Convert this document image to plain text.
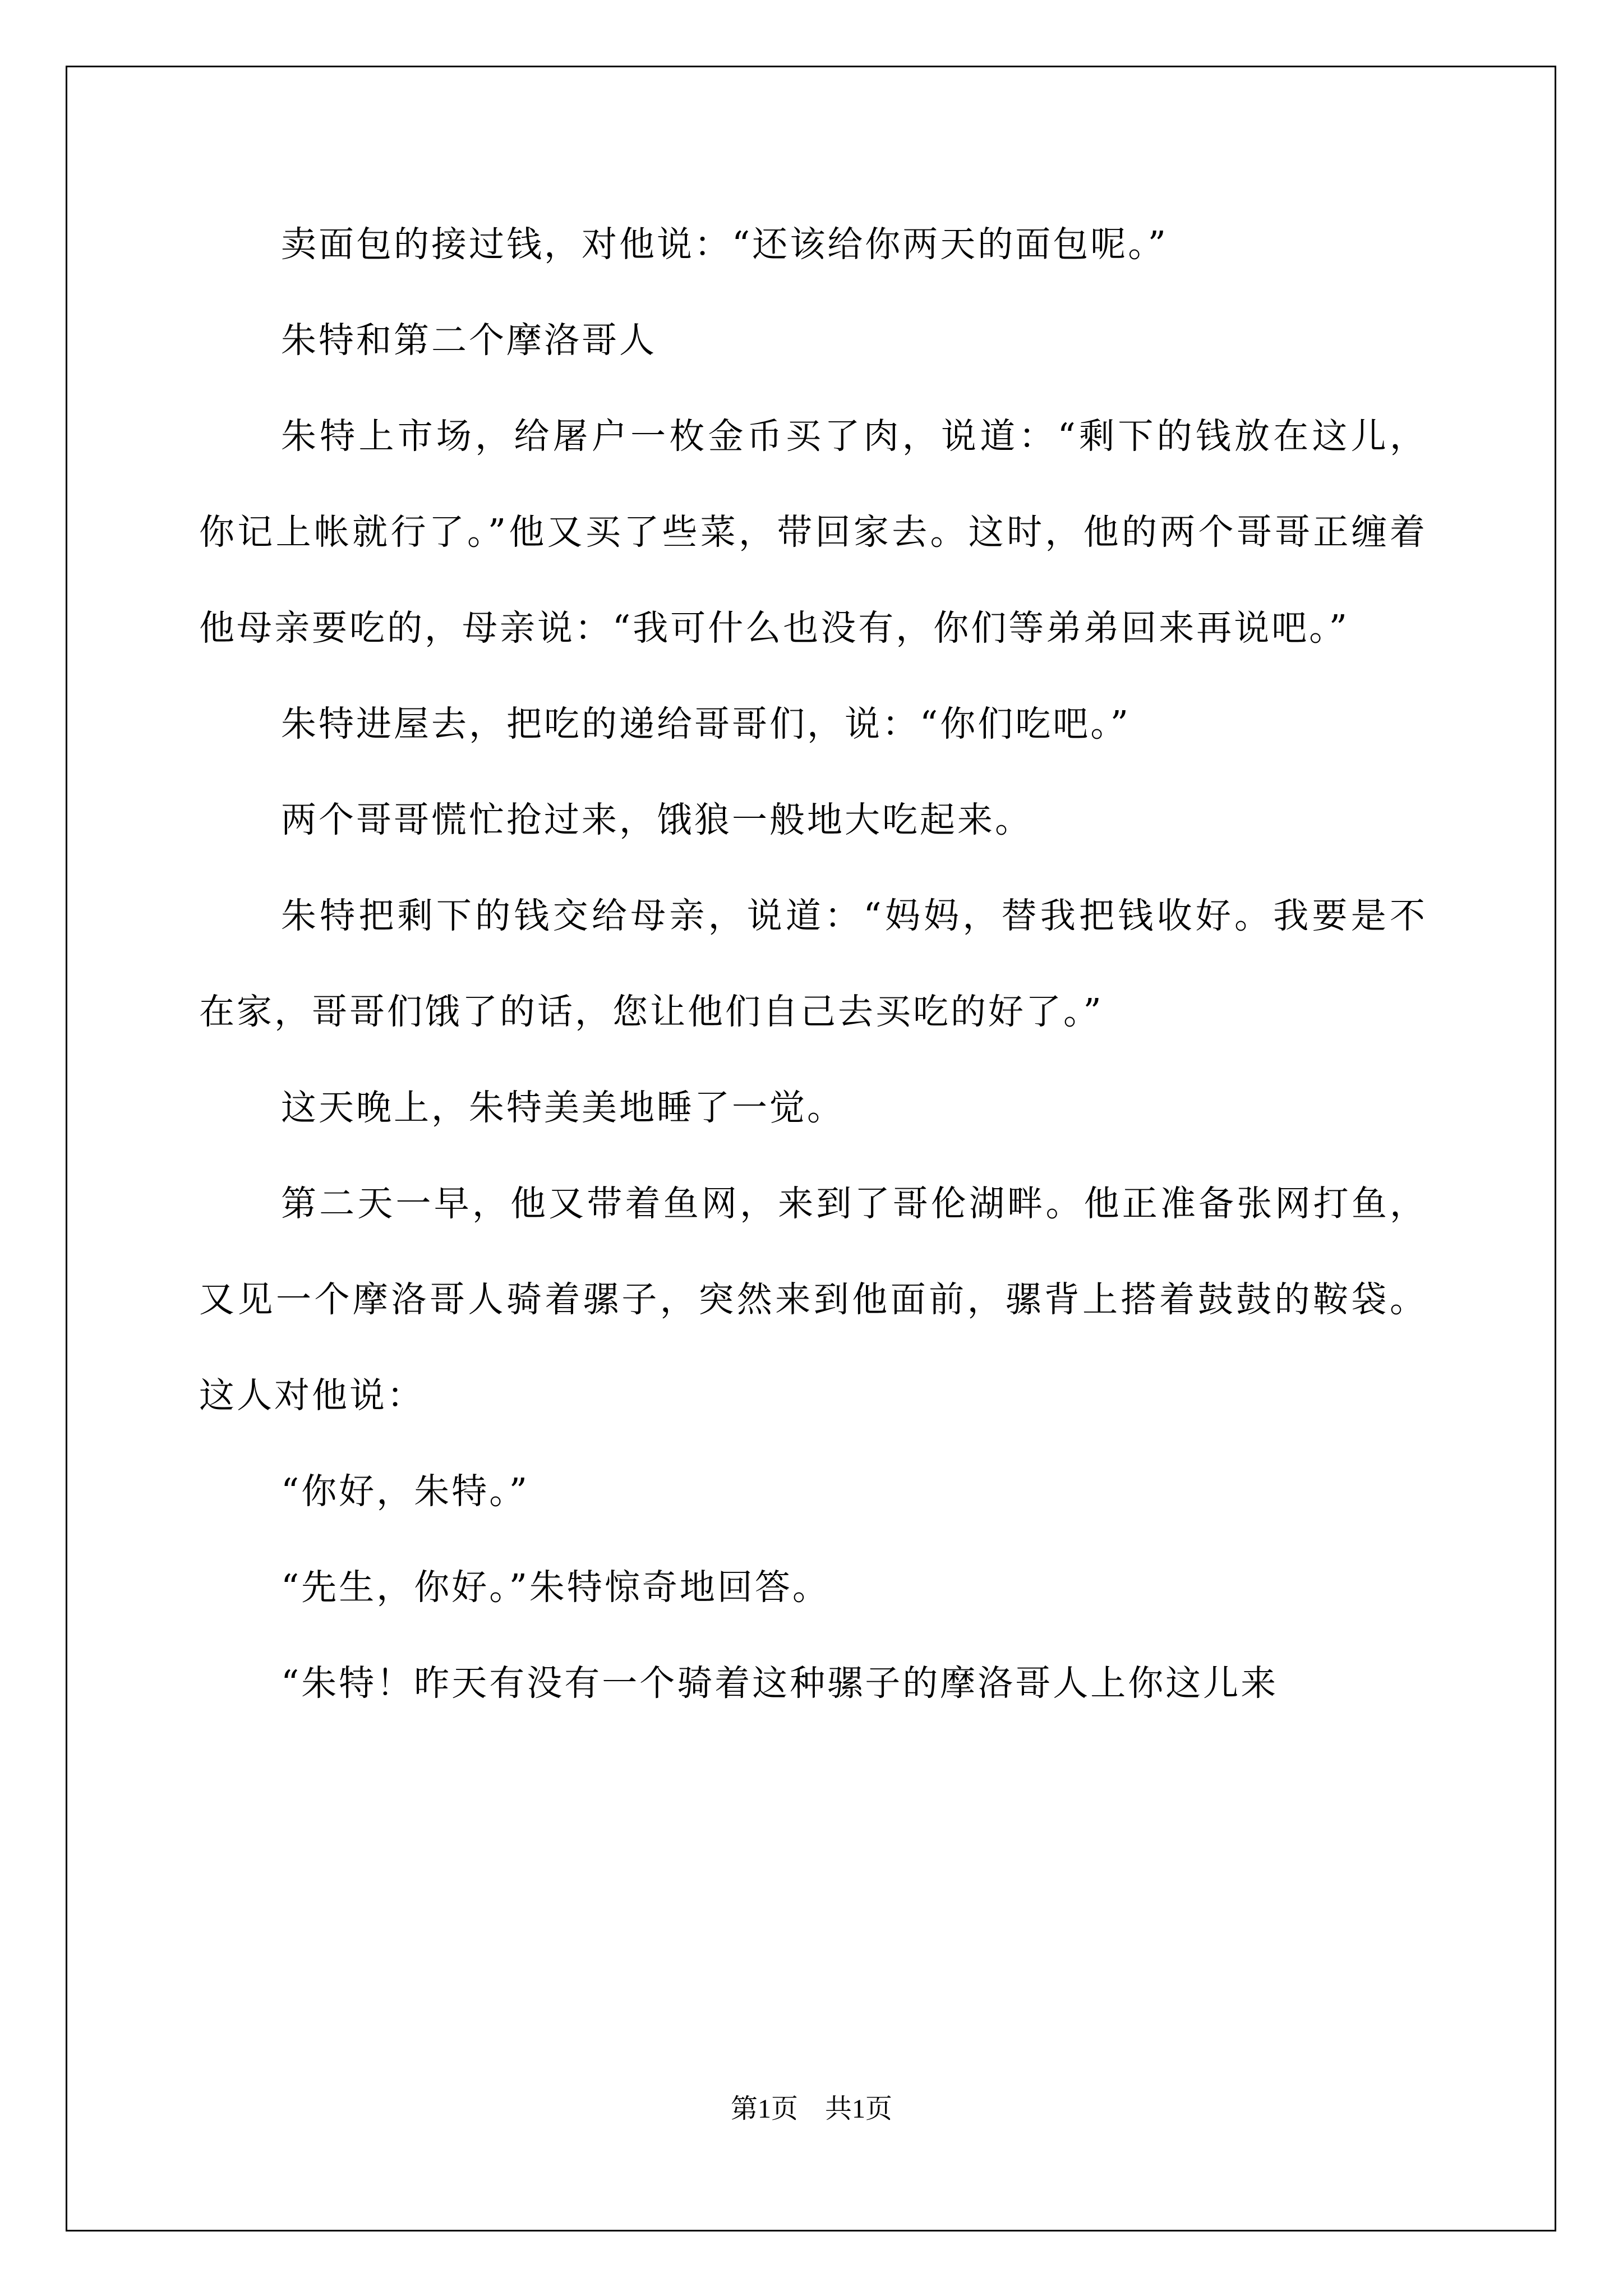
卖面包的接过钱，对他说：“还该给你两天的面包呢。”

朱特和第二个摩洛哥人

朱特上市场，给屠户一枚金币买了肉，说道：“剩下的钱放在这儿，你记上帐就行了。”他又买了些菜，带回家去。这时，他的两个哥哥正缠着他母亲要吃的，母亲说：“我可什么也没有，你们等弟弟回来再说吧。”

朱特进屋去，把吃的递给哥哥们，说：“你们吃吧。”

两个哥哥慌忙抢过来，饿狼一般地大吃起来。

朱特把剩下的钱交给母亲，说道：“妈妈，替我把钱收好。我要是不在家，哥哥们饿了的话，您让他们自己去买吃的好了。”

这天晚上，朱特美美地睡了一觉。

第二天一早，他又带着鱼网，来到了哥伦湖畔。他正准备张网打鱼，又见一个摩洛哥人骑着骡子，突然来到他面前，骡背上搭着鼓鼓的鞍袋。这人对他说：

“你好，朱特。”

“先生，你好。”朱特惊奇地回答。

“朱特！昨天有没有一个骑着这种骡子的摩洛哥人上你这儿来

第1页　共1页
